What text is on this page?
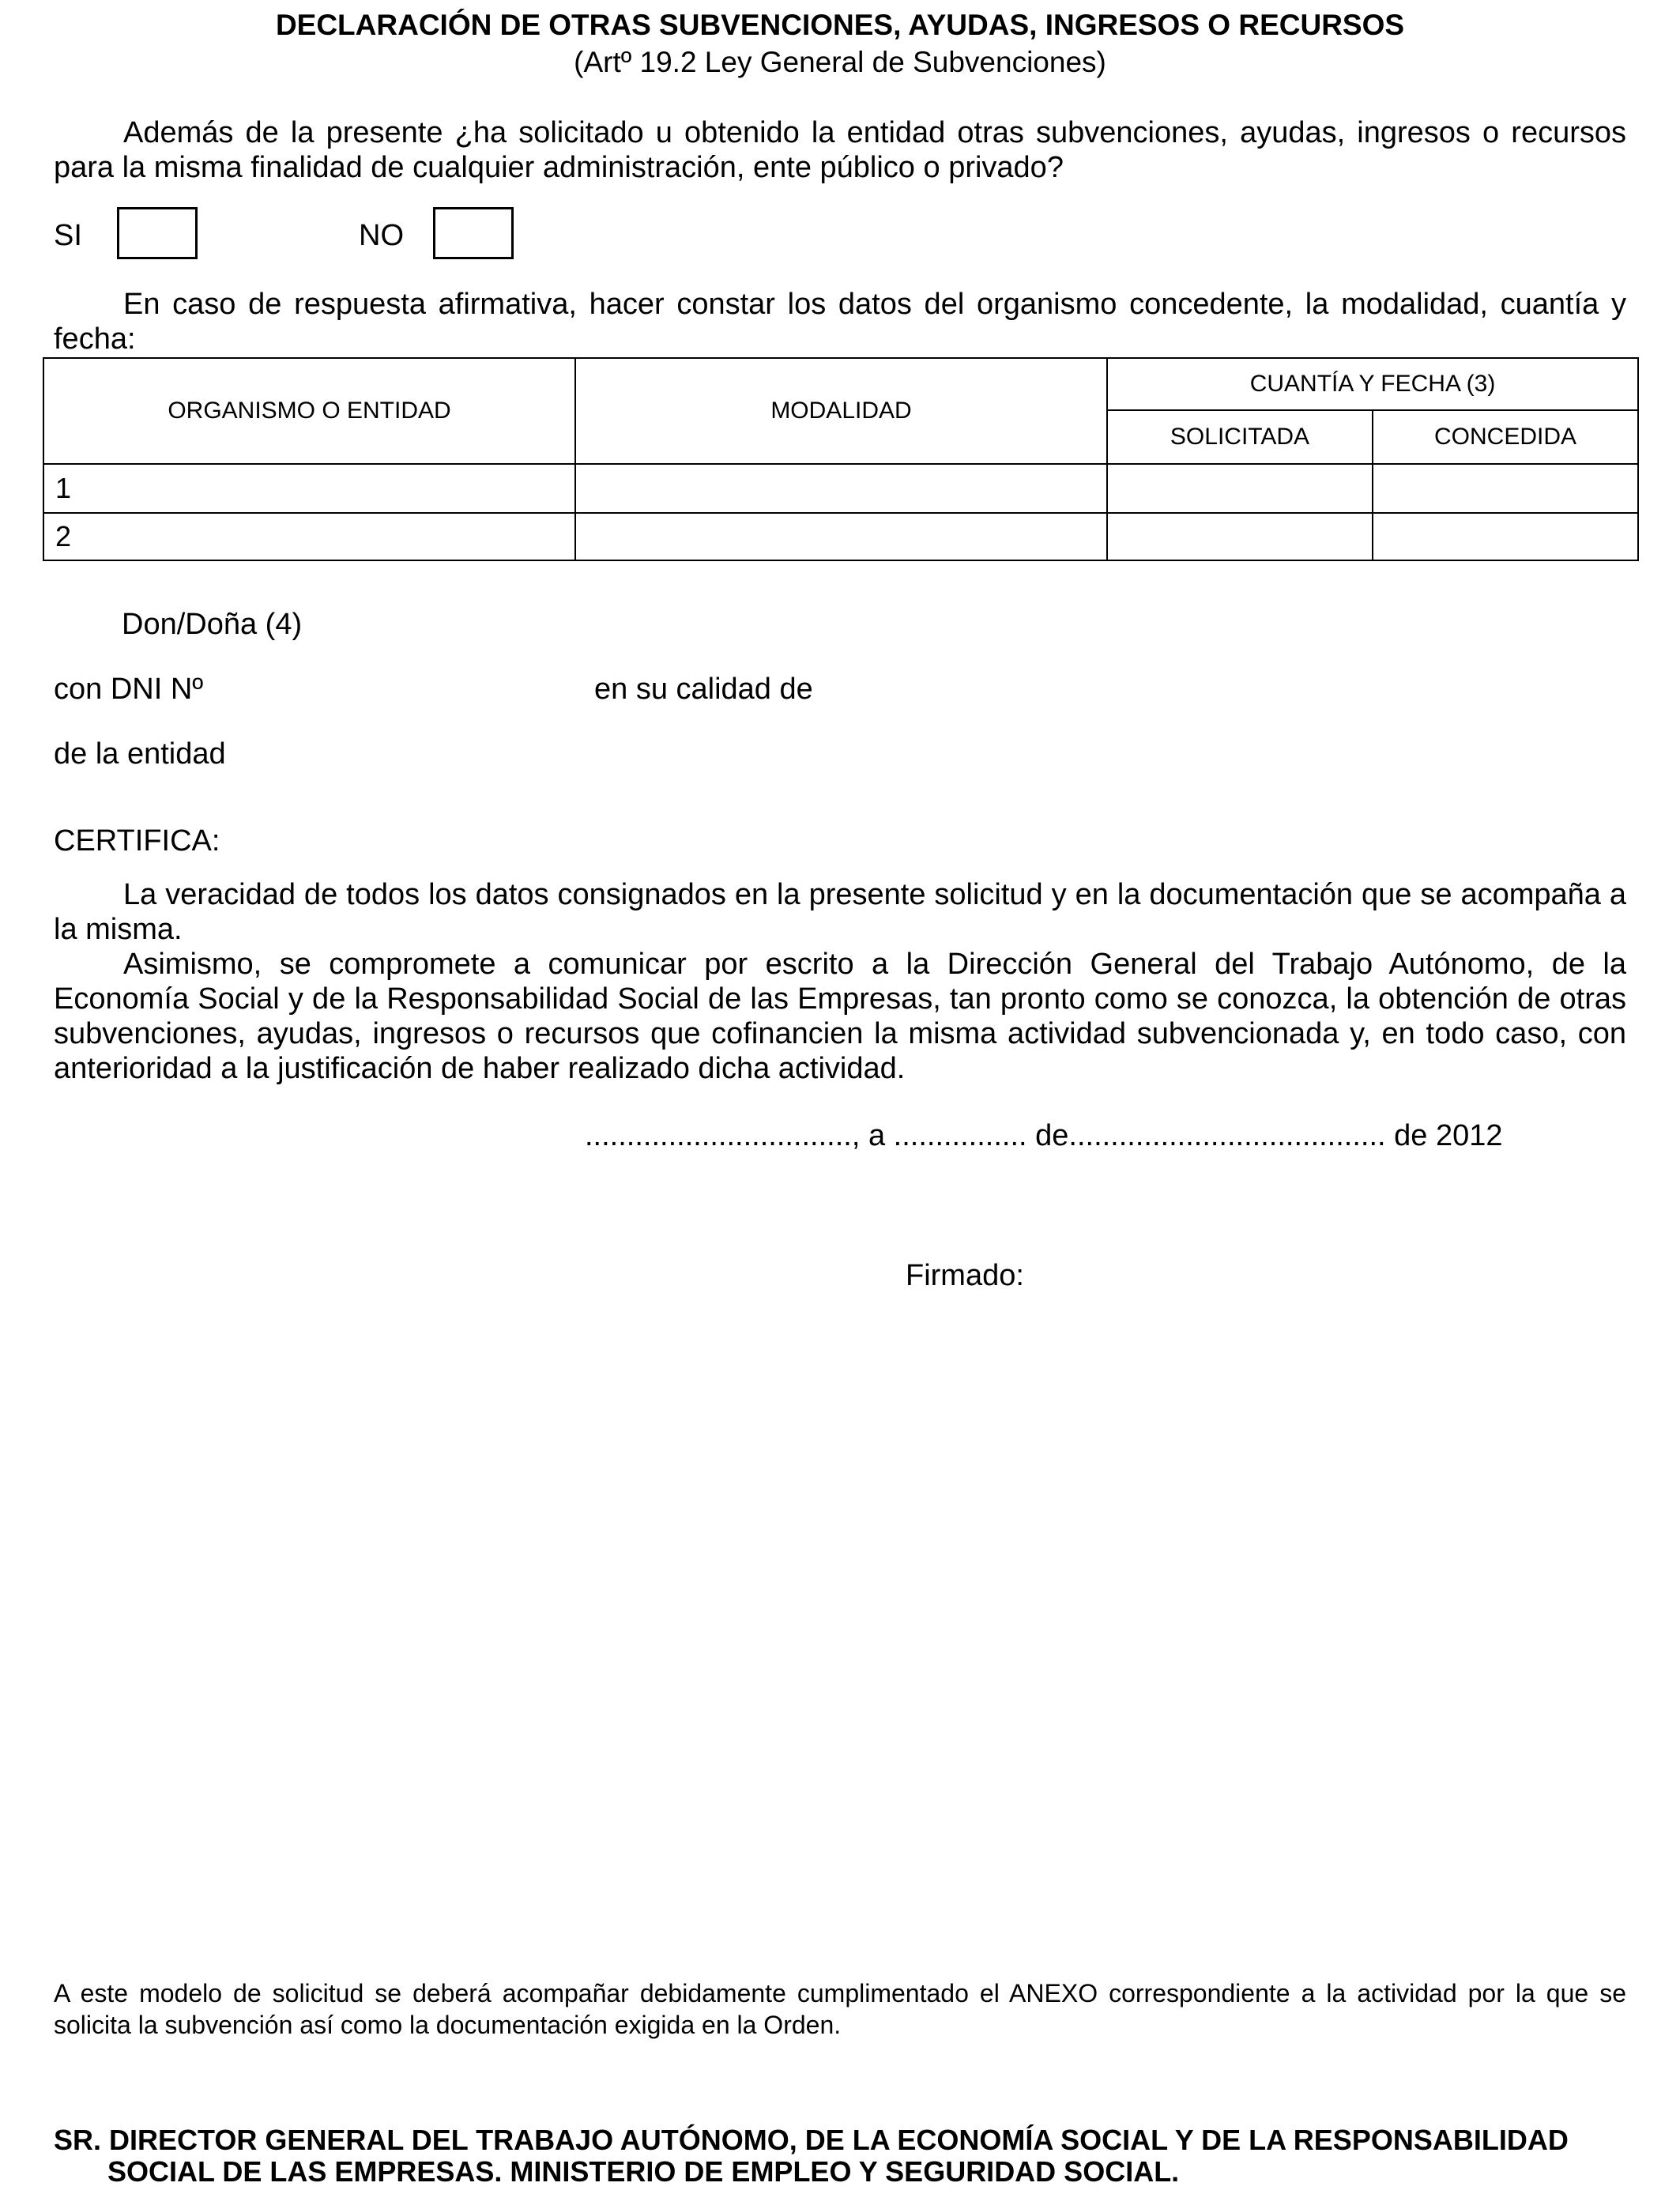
DECLARACIÓN DE OTRAS SUBVENCIONES, AYUDAS, INGRESOS O RECURSOS
(Artº 19.2 Ley General de Subvenciones)
Además de la presente ¿ha solicitado u obtenido la entidad otras subvenciones, ayudas, ingresos o recursos para la misma finalidad de cualquier administración, ente público o privado?
SI	NO
En caso de respuesta afirmativa, hacer constar los datos del organismo concedente, la modalidad, cuantía y fecha:
ORGANISMO O ENTIDAD	MODALIDAD	CUANTÍA Y FECHA (3)	
		SOLICITADA	CONCEDIDA
1			
2			
Don/Doña (4)
con DNI Nº	en su calidad de
de la entidad
CERTIFICA:
La veracidad de todos los datos consignados en la presente solicitud y en la documentación que se acompaña a la misma.
Asimismo, se compromete a comunicar por escrito a la Dirección General del Trabajo Autónomo, de la Economía Social y de la Responsabilidad Social de las Empresas, tan pronto como se conozca, la obtención de otras subvenciones, ayudas, ingresos o recursos que cofinancien la misma actividad subvencionada y, en todo caso, con anterioridad a la justificación de haber realizado dicha actividad.
................................, a ................ de...................................... de 2012
Firmado:
A este modelo de solicitud se deberá acompañar debidamente cumplimentado el ANEXO correspondiente a la actividad por la que se solicita la subvención así como la documentación exigida en la Orden.
SR. DIRECTOR GENERAL DEL TRABAJO AUTÓNOMO, DE LA ECONOMÍA SOCIAL Y DE LA RESPONSABILIDAD
SOCIAL DE LAS EMPRESAS. MINISTERIO DE EMPLEO Y SEGURIDAD SOCIAL.
